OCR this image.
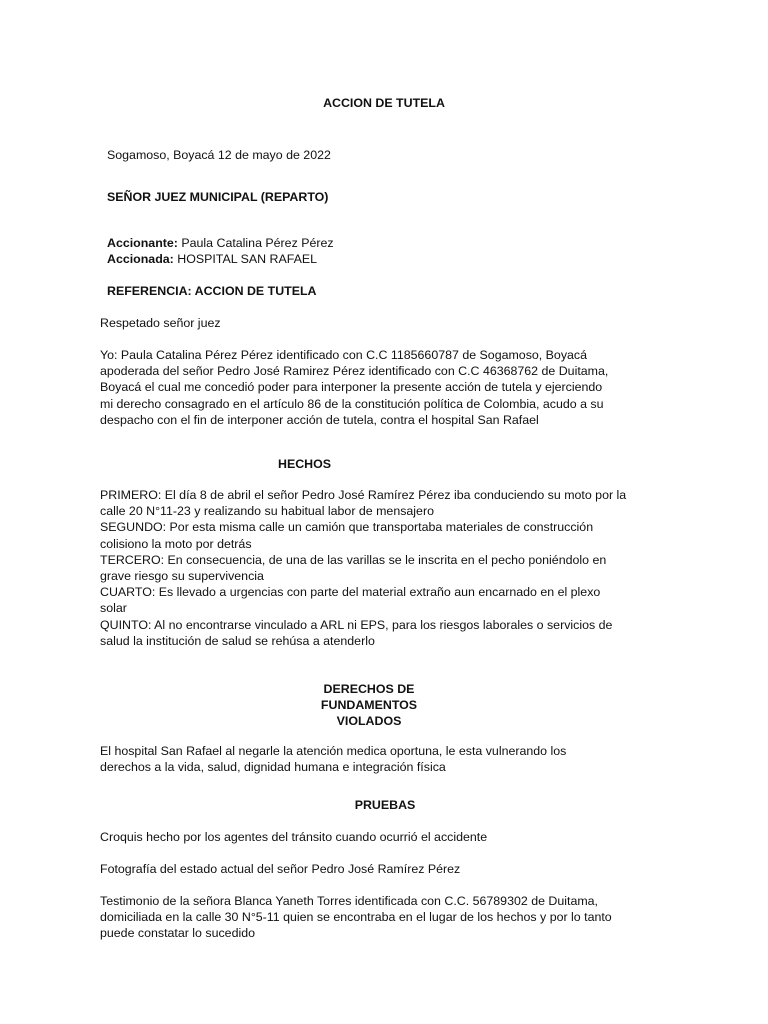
ACCION DE TUTELA
Sogamoso, Boyacá 12 de mayo de 2022
SEÑOR JUEZ MUNICIPAL (REPARTO)
Accionante: Paula Catalina Pérez Pérez
Accionada: HOSPITAL SAN RAFAEL
REFERENCIA: ACCION DE TUTELA
Respetado señor juez
Yo: Paula Catalina Pérez Pérez identificado con C.C 1185660787 de Sogamoso, Boyacá
apoderada del señor Pedro José Ramirez Pérez identificado con C.C 46368762 de Duitama,
Boyacá el cual me concedió poder para interponer la presente acción de tutela y ejerciendo
mi derecho consagrado en el artículo 86 de la constitución política de Colombia, acudo a su
despacho con el fin de interponer acción de tutela, contra el hospital San Rafael
HECHOS
PRIMERO: El día 8 de abril el señor Pedro José Ramírez Pérez iba conduciendo su moto por la
calle 20 N°11-23 y realizando su habitual labor de mensajero
SEGUNDO: Por esta misma calle un camión que transportaba materiales de construcción
colisiono la moto por detrás
TERCERO: En consecuencia, de una de las varillas se le inscrita en el pecho poniéndolo en
grave riesgo su supervivencia
CUARTO: Es llevado a urgencias con parte del material extraño aun encarnado en el plexo
solar
QUINTO: Al no encontrarse vinculado a ARL ni EPS, para los riesgos laborales o servicios de
salud la institución de salud se rehúsa a atenderlo
DERECHOS DE
FUNDAMENTOS
VIOLADOS
El hospital San Rafael al negarle la atención medica oportuna, le esta vulnerando los
derechos a la vida, salud, dignidad humana e integración física
PRUEBAS
Croquis hecho por los agentes del tránsito cuando ocurrió el accidente
Fotografía del estado actual del señor Pedro José Ramírez Pérez
Testimonio de la señora Blanca Yaneth Torres identificada con C.C. 56789302 de Duitama,
domiciliada en la calle 30 N°5-11 quien se encontraba en el lugar de los hechos y por lo tanto
puede constatar lo sucedido
